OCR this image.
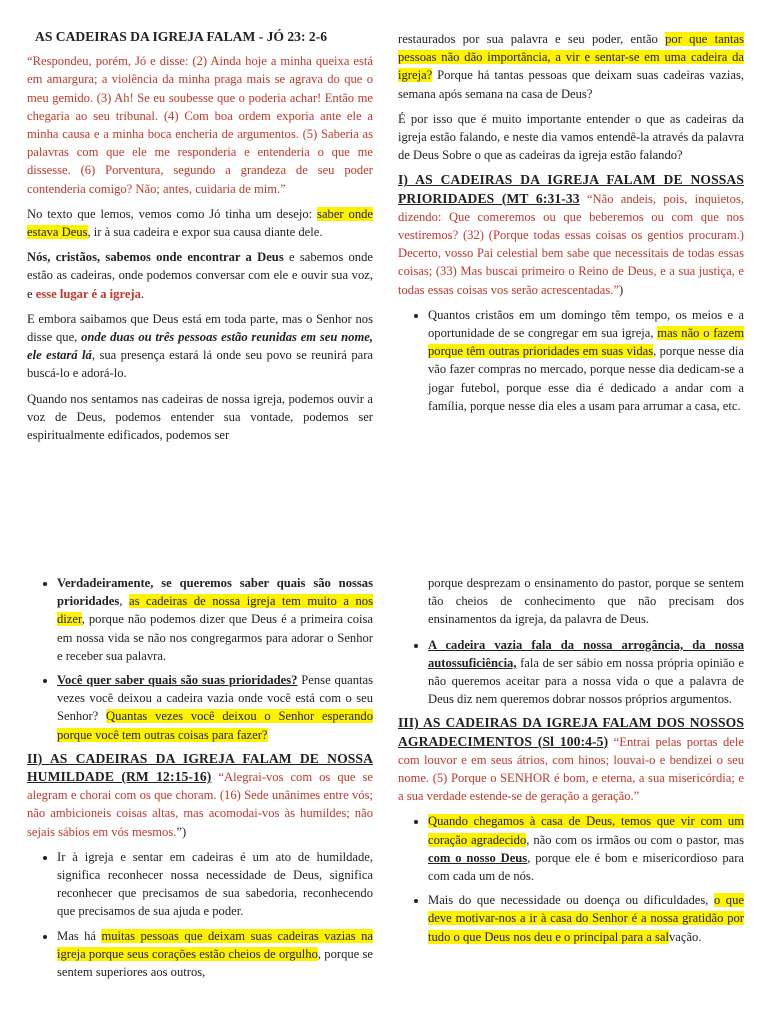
AS CADEIRAS DA IGREJA FALAM - JÓ 23: 2-6

“Respondeu, porém, Jó e disse: (2) Ainda hoje a minha queixa está em amargura; a violência da minha praga mais se agrava do que o meu gemido. (3) Ah! Se eu soubesse que o poderia achar! Então me chegaria ao seu tribunal. (4) Com boa ordem exporia ante ele a minha causa e a minha boca encheria de argumentos. (5) Saberia as palavras com que ele me responderia e entenderia o que me dissesse. (6) Porventura, segundo a grandeza de seu poder contenderia comigo? Não; antes, cuidaria de mim.”

No texto que lemos, vemos como Jó tinha um desejo: saber onde estava Deus, ir à sua cadeira e expor sua causa diante dele.

Nós, cristãos, sabemos onde encontrar a Deus e sabemos onde estão as cadeiras, onde podemos conversar com ele e ouvir sua voz, e esse lugar é a igreja.

E embora saibamos que Deus está em toda parte, mas o Senhor nos disse que, onde duas ou três pessoas estão reunidas em seu nome, ele estará lá, sua presença estará lá onde seu povo se reunirá para buscá-lo e adorá-lo.

Quando nos sentamos nas cadeiras de nossa igreja, podemos ouvir a voz de Deus, podemos entender sua vontade, podemos ser espiritualmente edificados, podemos ser

restaurados por sua palavra e seu poder, então por que tantas pessoas não dão importância, a vir e sentar-se em uma cadeira da igreja? Porque há tantas pessoas que deixam suas cadeiras vazias, semana após semana na casa de Deus?

É por isso que é muito importante entender o que as cadeiras da igreja estão falando, e neste dia vamos entendê-la através da palavra de Deus Sobre o que as cadeiras da igreja estão falando?

I) AS CADEIRAS DA IGREJA FALAM DE NOSSAS PRIORIDADES (MT 6:31-33 “Não andeis, pois, inquietos, dizendo: Que comeremos ou que beberemos ou com que nos vestiremos? (32) (Porque todas essas coisas os gentios procuram.) Decerto, vosso Pai celestial bem sabe que necessitais de todas essas coisas; (33) Mas buscai primeiro o Reino de Deus, e a sua justiça, e todas essas coisas vos serão acrescentadas.”)

• Quantos cristãos em um domingo têm tempo, os meios e a oportunidade de se congregar em sua igreja, mas não o fazem porque têm outras prioridades em suas vidas, porque nesse dia vão fazer compras no mercado, porque nesse dia dedicam-se a jogar futebol, porque esse dia é dedicado a andar com a família, porque nesse dia eles a usam para arrumar a casa, etc.
• Verdadeiramente, se queremos saber quais são nossas prioridades, as cadeiras de nossa igreja tem muito a nos dizer, porque não podemos dizer que Deus é a primeira coisa em nossa vida se não nos congregarmos para adorar o Senhor e receber sua palavra.
• Você quer saber quais são suas prioridades? Pense quantas vezes você deixou a cadeira vazia onde você está com o seu Senhor? Quantas vezes você deixou o Senhor esperando porque você tem outras coisas para fazer?

II) AS CADEIRAS DA IGREJA FALAM DE NOSSA HUMILDADE (RM 12:15-16) “Alegrai-vos com os que se alegram e chorai com os que choram. (16) Sede unânimes entre vós; não ambicioneis coisas altas, mas acomodai-vos às humildes; não sejais sábios em vós mesmos.”)

• Ir à igreja e sentar em cadeiras é um ato de humildade, significa reconhecer nossa necessidade de Deus, significa reconhecer que precisamos de sua sabedoria, reconhecendo que precisamos de sua ajuda e poder.
• Mas há muitas pessoas que deixam suas cadeiras vazias na igreja porque seus corações estão cheios de orgulho, porque se sentem superiores aos outros,

porque desprezam o ensinamento do pastor, porque se sentem tão cheios de conhecimento que não precisam dos ensinamentos da igreja, da palavra de Deus.

• A cadeira vazia fala da nossa arrogância, da nossa autossuficiência, fala de ser sábio em nossa própria opinião e não queremos aceitar para a nossa vida o que a palavra de Deus diz nem queremos dobrar nossos próprios argumentos.

III) AS CADEIRAS DA IGREJA FALAM DOS NOSSOS AGRADECIMENTOS (Sl 100:4-5) “Entrai pelas portas dele com louvor e em seus átrios, com hinos; louvai-o e bendizei o seu nome. (5) Porque o SENHOR é bom, e eterna, a sua misericórdia; e a sua verdade estende-se de geração a geração.”

• Quando chegamos à casa de Deus, temos que vir com um coração agradecido, não com os irmãos ou com o pastor, mas com o nosso Deus, porque ele é bom e misericordioso para com cada um de nós.
• Mais do que necessidade ou doença ou dificuldades, o que deve motivar-nos a ir à casa do Senhor é a nossa gratidão por tudo o que Deus nos deu e o principal para a salvação.
